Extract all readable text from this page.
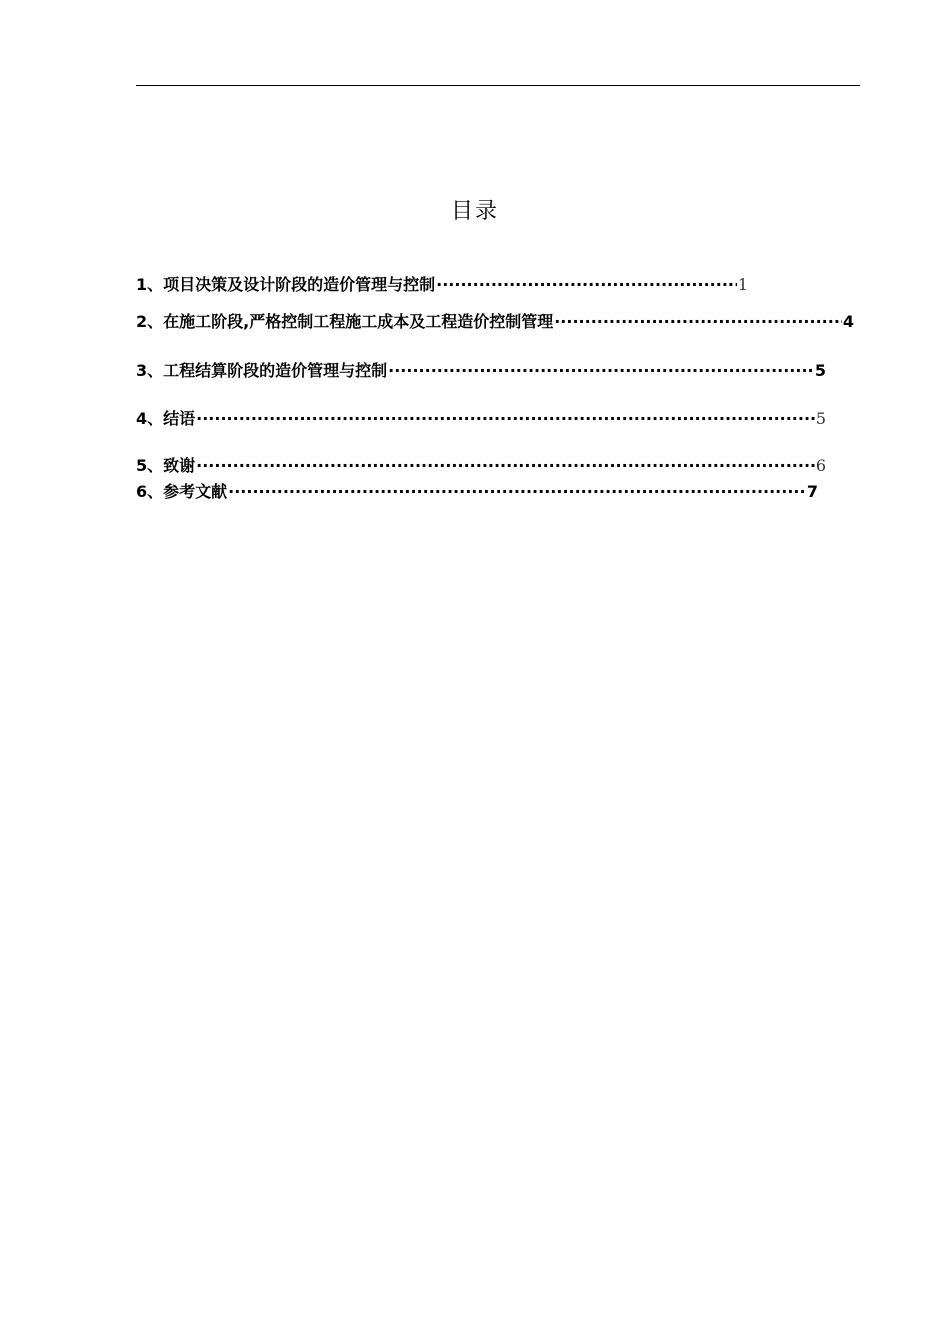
目录
1、项目决策及设计阶段的造价管理与控制 ·····	1
2、在施工阶段,严格控制工程施工成本及工程造价控制管理 ·····	4
3、工程结算阶段的造价管理与控制 ·····	5
4、结语 ·····	5
5、致谢 ·····	6
6、参考文献 ·····	7
